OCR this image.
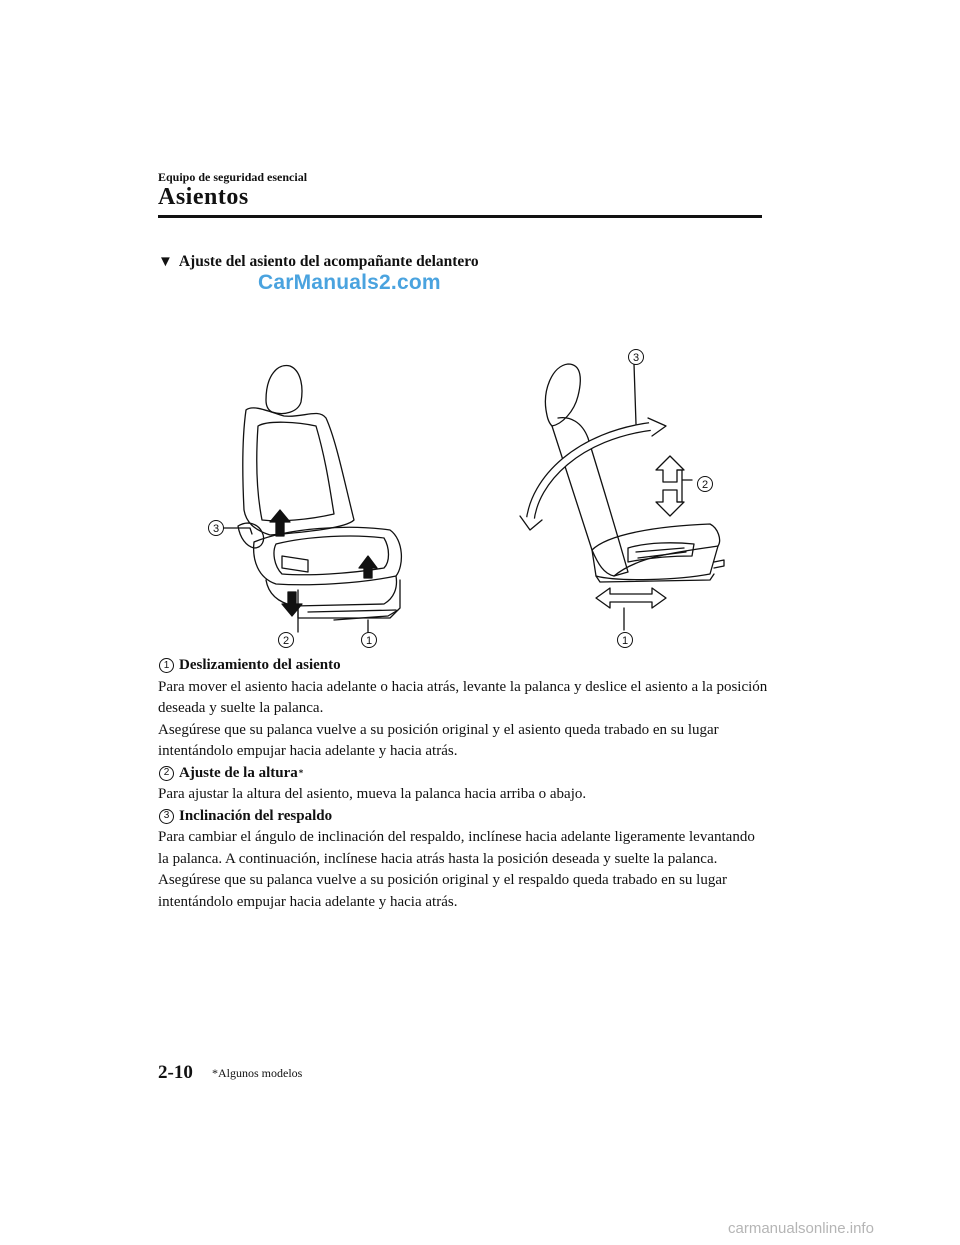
Equipo de seguridad esencial
Asientos
▼ Ajuste del asiento del acompañante delantero
CarManuals2.com
3
2	1
3
2
1

1 Deslizamiento del asiento

Para mover el asiento hacia adelante o hacia atrás, levante la palanca y deslice el asiento a la posición deseada y suelte la palanca.

Asegúrese que su palanca vuelve a su posición original y el asiento queda trabado en su lugar intentándolo empujar hacia adelante y hacia atrás.

2 Ajuste de la altura *

Para ajustar la altura del asiento, mueva la palanca hacia arriba o abajo.

3 Inclinación del respaldo

Para cambiar el ángulo de inclinación del respaldo, inclínese hacia adelante ligeramente levantando la palanca. A continuación, inclínese hacia atrás hasta la posición deseada y suelte la palanca.

Asegúrese que su palanca vuelve a su posición original y el respaldo queda trabado en su lugar intentándolo empujar hacia adelante y hacia atrás.

2-10 *Algunos modelos
carmanualsonline.info
